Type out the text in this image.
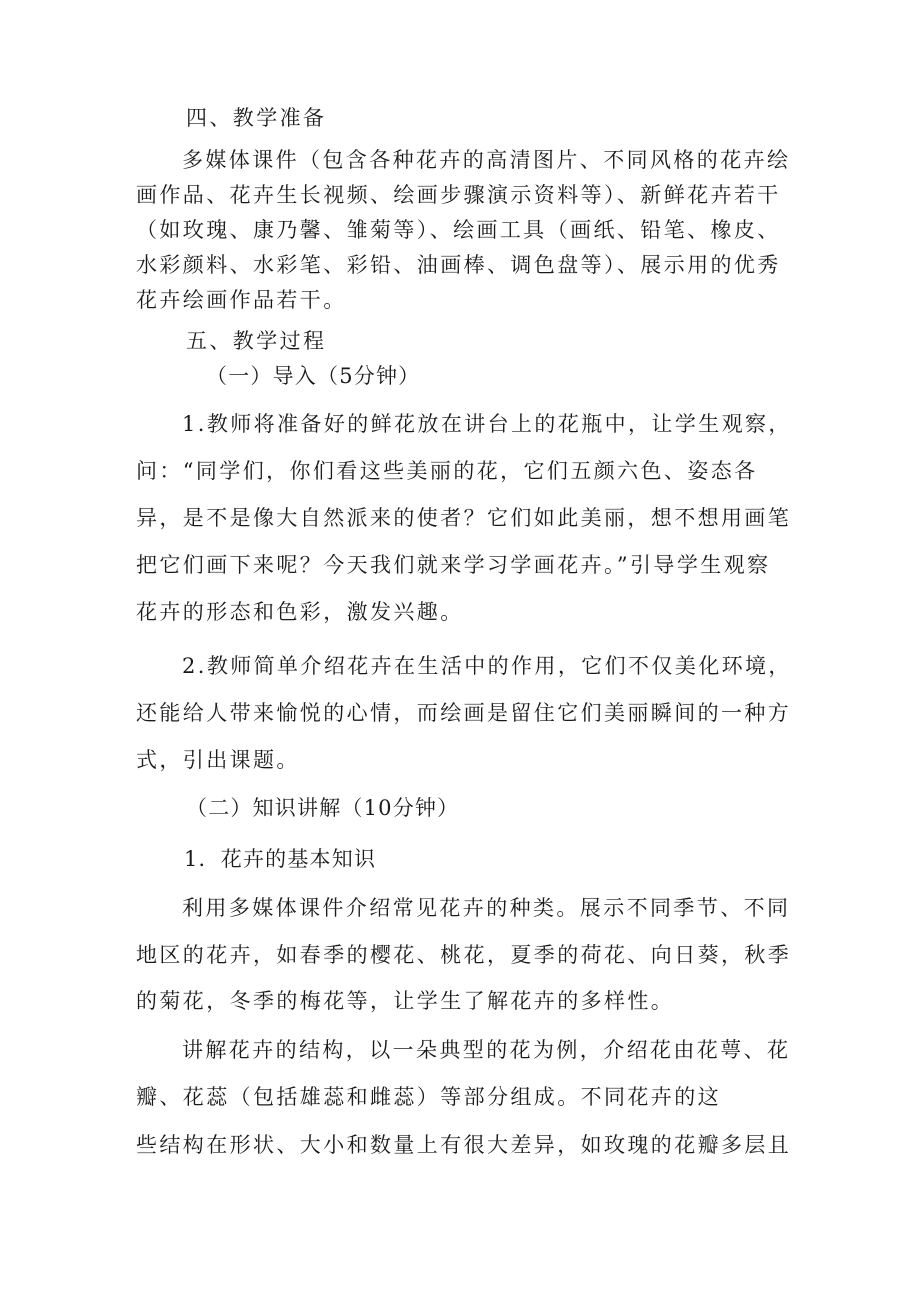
四、教学准备

多媒体课件（包含各种花卉的高清图片、不同风格的花卉绘

画作品、花卉生长视频、绘画步骤演示资料等）、新鲜花卉若干

（如玫瑰、康乃馨、雏菊等）、绘画工具（画纸、铅笔、橡皮、

水彩颜料、水彩笔、彩铅、油画棒、调色盘等）、展示用的优秀

花卉绘画作品若干。

五、教学过程

（一）导入（5分钟）

1.教师将准备好的鲜花放在讲台上的花瓶中，让学生观察，

问：“同学们，你们看这些美丽的花，它们五颜六色、姿态各

异，是不是像大自然派来的使者？它们如此美丽，想不想用画笔

把它们画下来呢？今天我们就来学习学画花卉。”引导学生观察

花卉的形态和色彩，激发兴趣。

2.教师简单介绍花卉在生活中的作用，它们不仅美化环境，

还能给人带来愉悦的心情，而绘画是留住它们美丽瞬间的一种方

式，引出课题。

（二）知识讲解（10分钟）

1．花卉的基本知识

利用多媒体课件介绍常见花卉的种类。展示不同季节、不同

地区的花卉，如春季的樱花、桃花，夏季的荷花、向日葵，秋季

的菊花，冬季的梅花等，让学生了解花卉的多样性。

讲解花卉的结构，以一朵典型的花为例，介绍花由花萼、花

瓣、花蕊（包括雄蕊和雌蕊）等部分组成。不同花卉的这

些结构在形状、大小和数量上有很大差异，如玫瑰的花瓣多层且
